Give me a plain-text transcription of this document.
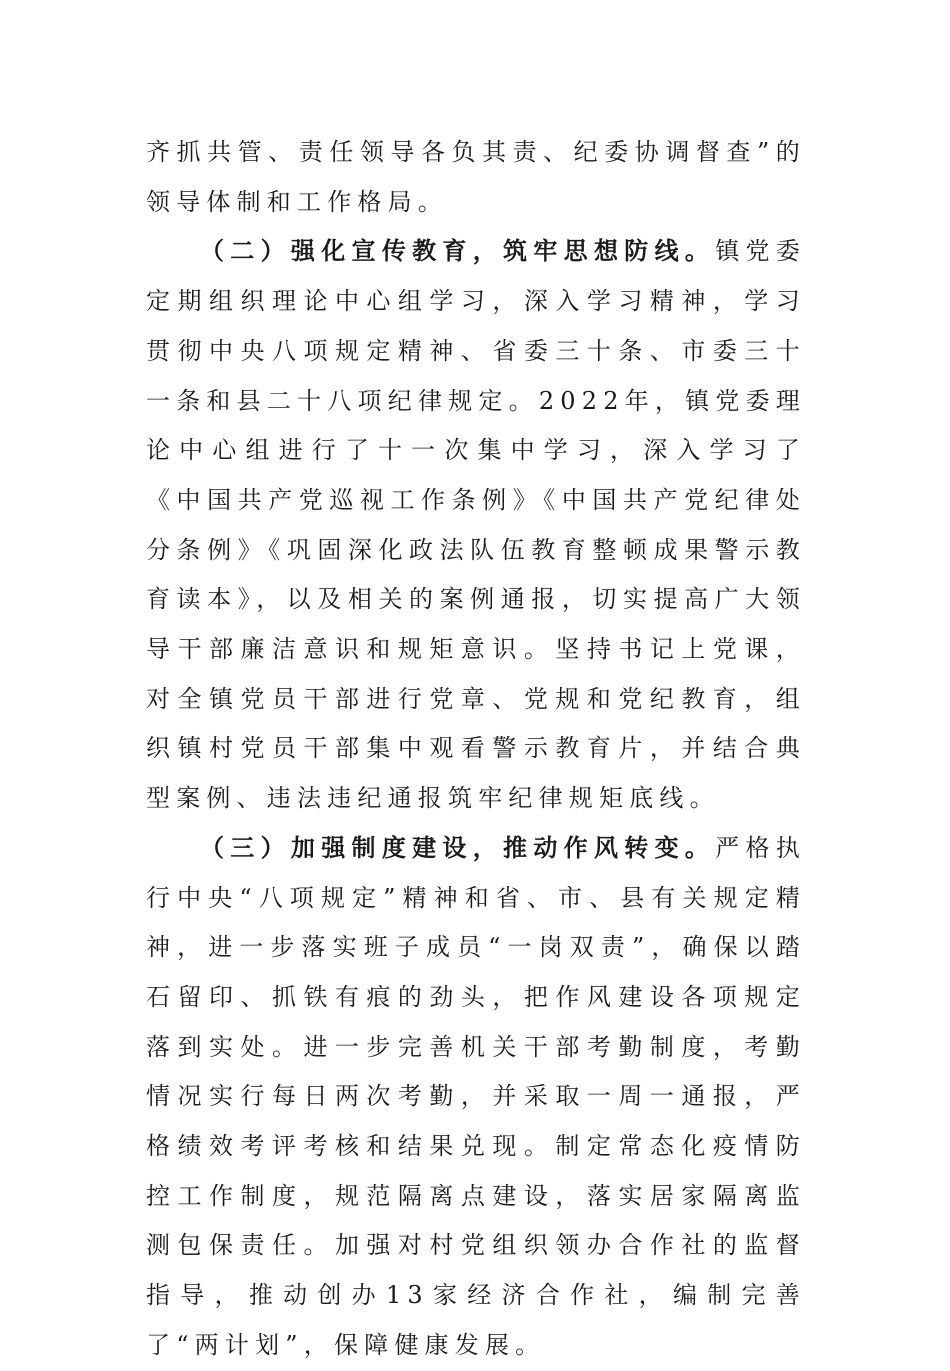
齐抓共管、责任领导各负其责、纪委协调督查”的领导体制和工作格局。

（二）强化宣传教育，筑牢思想防线。镇党委定期组织理论中心组学习，深入学习精神，学习贯彻中央八项规定精神、省委三十条、市委三十一条和县二十八项纪律规定。2022年，镇党委理论中心组进行了十一次集中学习，深入学习了《中国共产党巡视工作条例》《中国共产党纪律处分条例》《巩固深化政法队伍教育整顿成果警示教育读本》，以及相关的案例通报，切实提高广大领导干部廉洁意识和规矩意识。坚持书记上党课，对全镇党员干部进行党章、党规和党纪教育，组织镇村党员干部集中观看警示教育片，并结合典型案例、违法违纪通报筑牢纪律规矩底线。

（三）加强制度建设，推动作风转变。严格执行中央“八项规定”精神和省、市、县有关规定精神，进一步落实班子成员“一岗双责”，确保以踏石留印、抓铁有痕的劲头，把作风建设各项规定落到实处。进一步完善机关干部考勤制度，考勤情况实行每日两次考勤，并采取一周一通报，严格绩效考评考核和结果兑现。制定常态化疫情防控工作制度，规范隔离点建设，落实居家隔离监测包保责任。加强对村党组织领办合作社的监督指导，推动创办13家经济合作社，编制完善了“两计划”，保障健康发展。
